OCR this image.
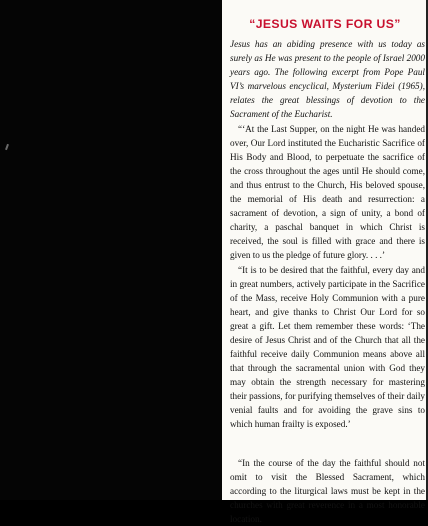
“JESUS WAITS FOR US”

Jesus has an abiding presence with us today as surely as He was present to the people of Israel 2000 years ago. The following excerpt from Pope Paul VI’s marvelous encyclical, Mysterium Fidei (1965), relates the great blessings of devotion to the Sacrament of the Eucharist.

“‘At the Last Supper, on the night He was handed over, Our Lord instituted the Eucharistic Sacrifice of His Body and Blood, to perpetuate the sacrifice of the cross throughout the ages until He should come, and thus entrust to the Church, His beloved spouse, the memorial of His death and resurrection: a sacrament of devotion, a sign of unity, a bond of charity, a paschal banquet in which Christ is received, the soul is filled with grace and there is given to us the pledge of future glory. . . .’

“It is to be desired that the faithful, every day and in great numbers, actively participate in the Sacrifice of the Mass, receive Holy Communion with a pure heart, and give thanks to Christ Our Lord for so great a gift. Let them remember these words: ‘The desire of Jesus Christ and of the Church that all the faithful receive daily Communion means above all that through the sacramental union with God they may obtain the strength necessary for mastering their passions, for purifying themselves of their daily venial faults and for avoiding the grave sins to which human frailty is exposed.’

“In the course of the day the faithful should not omit to visit the Blessed Sacrament, which according to the liturgical laws must be kept in the churches with great reverence in a most honorable location.
